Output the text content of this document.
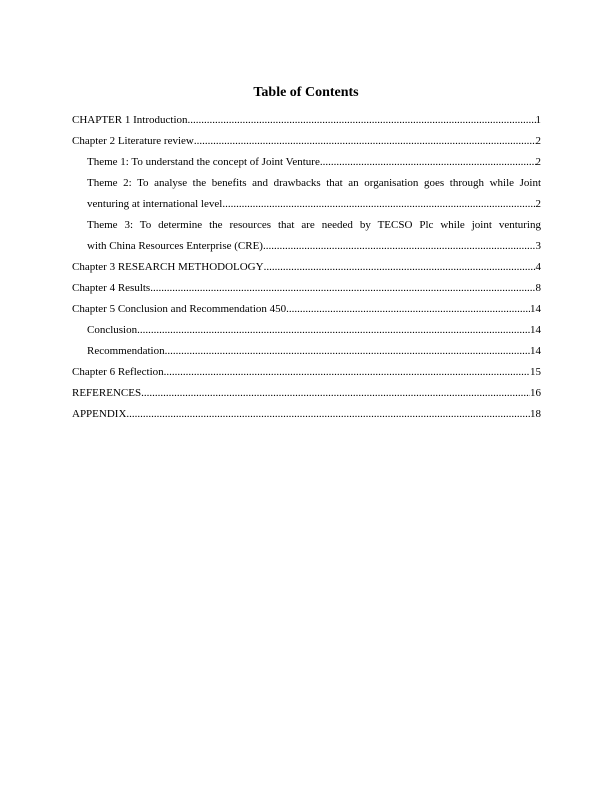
Table of Contents
CHAPTER 1 Introduction .....	1
Chapter 2 Literature review .....	2
Theme 1: To understand the concept of Joint Venture .....	2
Theme 2: To analyse the benefits and drawbacks that an organisation goes through while Joint
venturing at international level .....	2
Theme 3: To determine the resources that are needed by TECSO Plc while joint venturing
with China Resources Enterprise (CRE) .....	3
Chapter 3 RESEARCH METHODOLOGY .....	4
Chapter 4 Results .....	8
Chapter 5 Conclusion and Recommendation 450 .....	14
Conclusion .....	14
Recommendation .....	14
Chapter 6 Reflection .....	15
REFERENCES .....	16
APPENDIX .....	18
